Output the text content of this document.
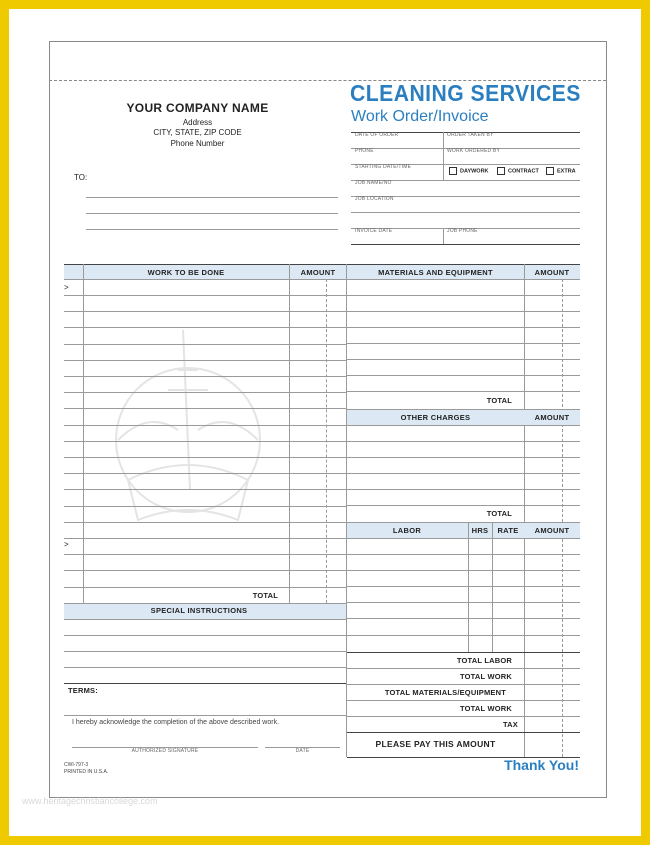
YOUR COMPANY NAME
Address
CITY, STATE, ZIP CODE
Phone Number
TO:
CLEANING SERVICES
Work Order/Invoice
DATE OF ORDER	ORDER TAKEN BY
PHONE	WORK ORDERED BY
STARTING DATE/TIME
DAYWORK	CONTRACT	EXTRA
JOB NAME/NO
JOB LOCATION
INVOICE DATE	JOB PHONE
WORK TO BE DONE	AMOUNT
>
>
TOTAL
SPECIAL INSTRUCTIONS
TERMS:
I hereby acknowledge the completion of the above described work.
AUTHORIZED SIGNATURE	DATE
MATERIALS AND EQUIPMENT	AMOUNT
TOTAL
OTHER CHARGES	AMOUNT
TOTAL
LABOR	HRS	RATE	AMOUNT
TOTAL LABOR
TOTAL WORK
TOTAL MATERIALS/EQUIPMENT
TOTAL WORK
TAX
PLEASE PAY THIS AMOUNT
CWI-797-3
PRINTED IN U.S.A.	Thank You!
www.heritagechristiancollege.com
